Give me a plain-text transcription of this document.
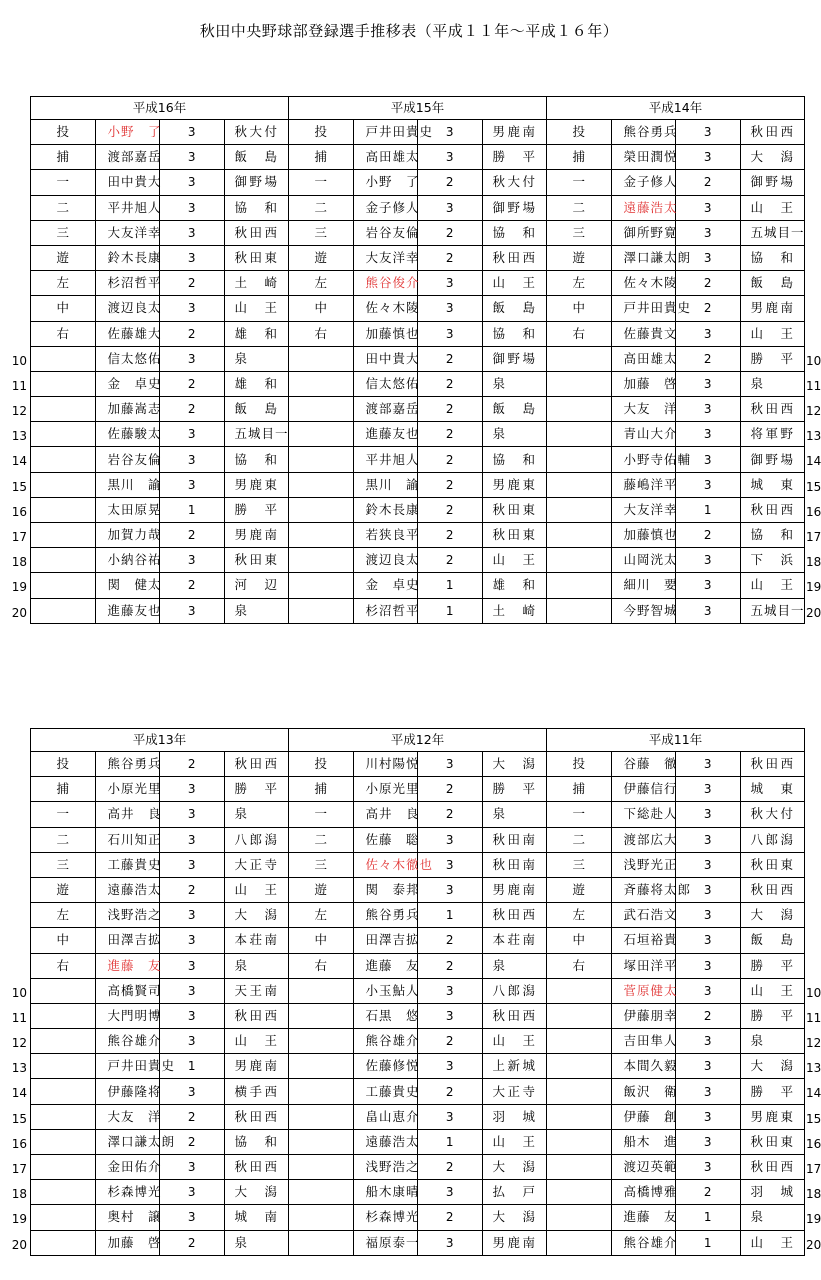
秋田中央野球部登録選手推移表（平成１１年～平成１６年）
10
11
12
13
14
15
16
17
18
19
20
平成16年				平成15年				平成14年			
投	小野　了	3	秋大付	投	戸井田貴史	3	男鹿南	投	熊谷勇兵	3	秋田西
捕	渡部嘉岳	3	飯島	捕	高田雄太	3	勝平	捕	榮田潤悦	3	大潟
一	田中貴大	3	御野場	一	小野　了	2	秋大付	一	金子修人	2	御野場
二	平井旭人	3	協和	二	金子修人	3	御野場	二	遠藤浩太	3	山王
三	大友洋幸	3	秋田西	三	岩谷友倫	2	協和	三	御所野寛	3	五城目一
遊	鈴木長康	3	秋田東	遊	大友洋幸	2	秋田西	遊	澤口謙太朗	3	協和
左	杉沼哲平	2	土崎	左	熊谷俊介	3	山王	左	佐々木陵	2	飯島
中	渡辺良太	3	山王	中	佐々木陵	3	飯島	中	戸井田貴史	2	男鹿南
右	佐藤雄大	2	雄和	右	加藤慎也	3	協和	右	佐藤貴文	3	山王
	信太悠佑	3	泉		田中貴大	2	御野場		高田雄太	2	勝平
	金　卓史	2	雄和		信太悠佑	2	泉		加藤　啓	3	泉
	加藤嵩志	2	飯島		渡部嘉岳	2	飯島		大友　洋	3	秋田西
	佐藤駿太	3	五城目一		進藤友也	2	泉		青山大介	3	将軍野
	岩谷友倫	3	協和		平井旭人	2	協和		小野寺佑輔	3	御野場
	黒川　諭	3	男鹿東		黒川　諭	2	男鹿東		藤嶋洋平	3	城東
	太田原晃	1	勝平		鈴木長康	2	秋田東		大友洋幸	1	秋田西
	加賀力哉	2	男鹿南		若狭良平	2	秋田東		加藤慎也	2	協和
	小納谷祐	3	秋田東		渡辺良太	2	山王		山岡洸太	3	下浜
	関　健太	2	河辺		金　卓史	1	雄和		細川　要	3	山王
	進藤友也	3	泉		杉沼哲平	1	土崎		今野智城	3	五城目一
10
11
12
13
14
15
16
17
18
19
20
10
11
12
13
14
15
16
17
18
19
20
平成13年				平成12年				平成11年			
投	熊谷勇兵	2	秋田西	投	川村陽悦	3	大潟	投	谷藤　徹	3	秋田西
捕	小原光里	3	勝平	捕	小原光里	2	勝平	捕	伊藤信行	3	城東
一	高井　良	3	泉	一	高井　良	2	泉	一	下総赴人	3	秋大付
二	石川知正	3	八郎潟	二	佐藤　聡	3	秋田南	二	渡部広大	3	八郎潟
三	工藤貴史	3	大正寺	三	佐々木徹也	3	秋田南	三	浅野光正	3	秋田東
遊	遠藤浩太	2	山王	遊	関　泰邦	3	男鹿南	遊	斉藤将太郎	3	秋田西
左	浅野浩之	3	大潟	左	熊谷勇兵	1	秋田西	左	武石浩文	3	大潟
中	田澤吉拡	3	本荘南	中	田澤吉拡	2	本荘南	中	石垣裕貴	3	飯島
右	進藤　友	3	泉	右	進藤　友	2	泉	右	塚田洋平	3	勝平
	高橋賢司	3	天王南		小玉鮎人	3	八郎潟		菅原健太	3	山王
	大門明博	3	秋田西		石黒　悠	3	秋田西		伊藤朋幸	2	勝平
	熊谷雄介	3	山王		熊谷雄介	2	山王		吉田隼人	3	泉
	戸井田貴史	1	男鹿南		佐藤修悦	3	上新城		本間久毅	3	大潟
	伊藤隆将	3	横手西		工藤貴史	2	大正寺		飯沢　衛	3	勝平
	大友　洋	2	秋田西		畠山恵介	3	羽城		伊藤　創	3	男鹿東
	澤口謙太朗	2	協和		遠藤浩太	1	山王		船木　進	3	秋田東
	金田佑介	3	秋田西		浅野浩之	2	大潟		渡辺英範	3	秋田西
	杉森博光	3	大潟		船木康晴	3	払戸		高橋博雅	2	羽城
	奥村　譲	3	城南		杉森博光	2	大潟		進藤　友	1	泉
	加藤　啓	2	泉		福原泰一	3	男鹿南		熊谷雄介	1	山王
10
11
12
13
14
15
16
17
18
19
20
